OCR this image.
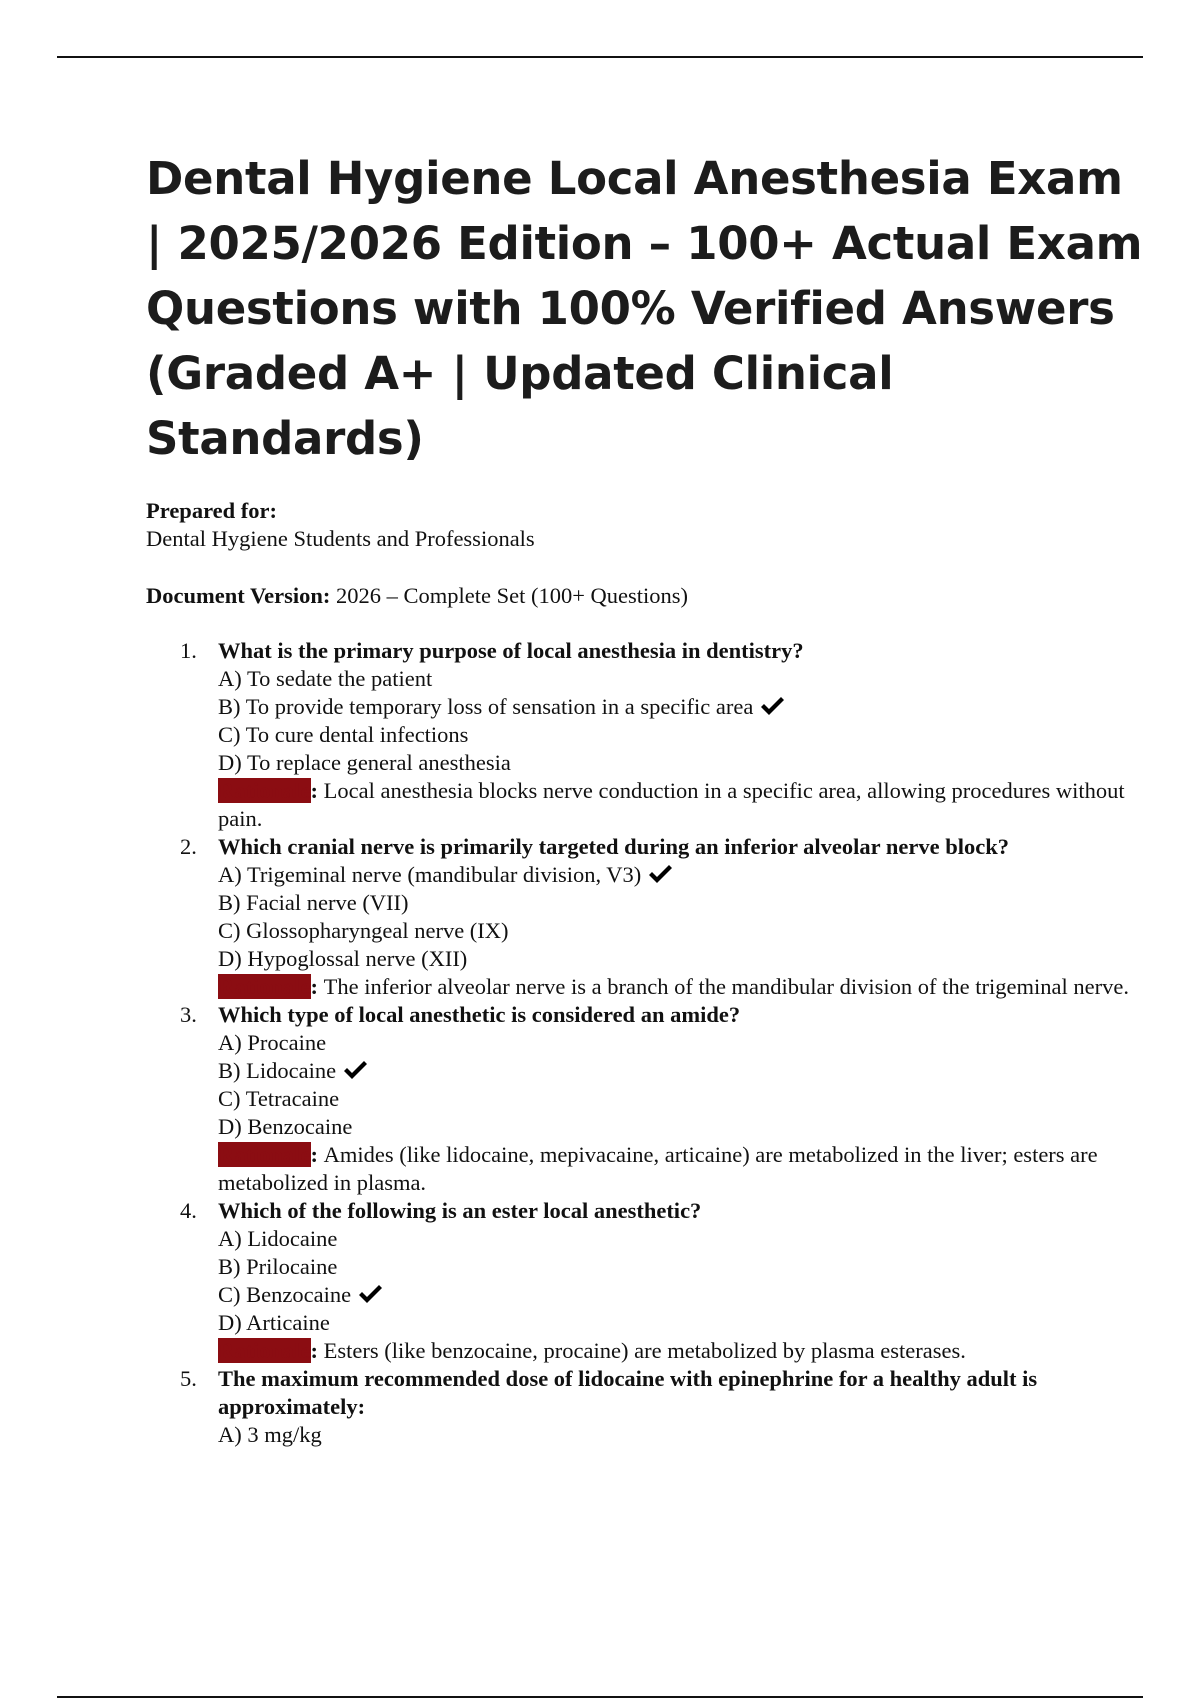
Dental Hygiene Local Anesthesia Exam | 2025/2026 Edition – 100+ Actual Exam Questions with 100% Verified Answers (Graded A+ | Updated Clinical Standards)
Prepared for:
Dental Hygiene Students and Professionals
Document Version: 2026 – Complete Set (100+ Questions)
1. What is the primary purpose of local anesthesia in dentistry?
A) To sedate the patient
B) To provide temporary loss of sensation in a specific area
C) To cure dental infections
D) To replace general anesthesia
Rationale: Local anesthesia blocks nerve conduction in a specific area, allowing procedures without pain.
2. Which cranial nerve is primarily targeted during an inferior alveolar nerve block?
A) Trigeminal nerve (mandibular division, V3)
B) Facial nerve (VII)
C) Glossopharyngeal nerve (IX)
D) Hypoglossal nerve (XII)
Rationale: The inferior alveolar nerve is a branch of the mandibular division of the trigeminal nerve.
3. Which type of local anesthetic is considered an amide?
A) Procaine
B) Lidocaine
C) Tetracaine
D) Benzocaine
Rationale: Amides (like lidocaine, mepivacaine, articaine) are metabolized in the liver; esters are metabolized in plasma.
4. Which of the following is an ester local anesthetic?
A) Lidocaine
B) Prilocaine
C) Benzocaine
D) Articaine
Rationale: Esters (like benzocaine, procaine) are metabolized by plasma esterases.
5. The maximum recommended dose of lidocaine with epinephrine for a healthy adult is approximately:
A) 3 mg/kg
